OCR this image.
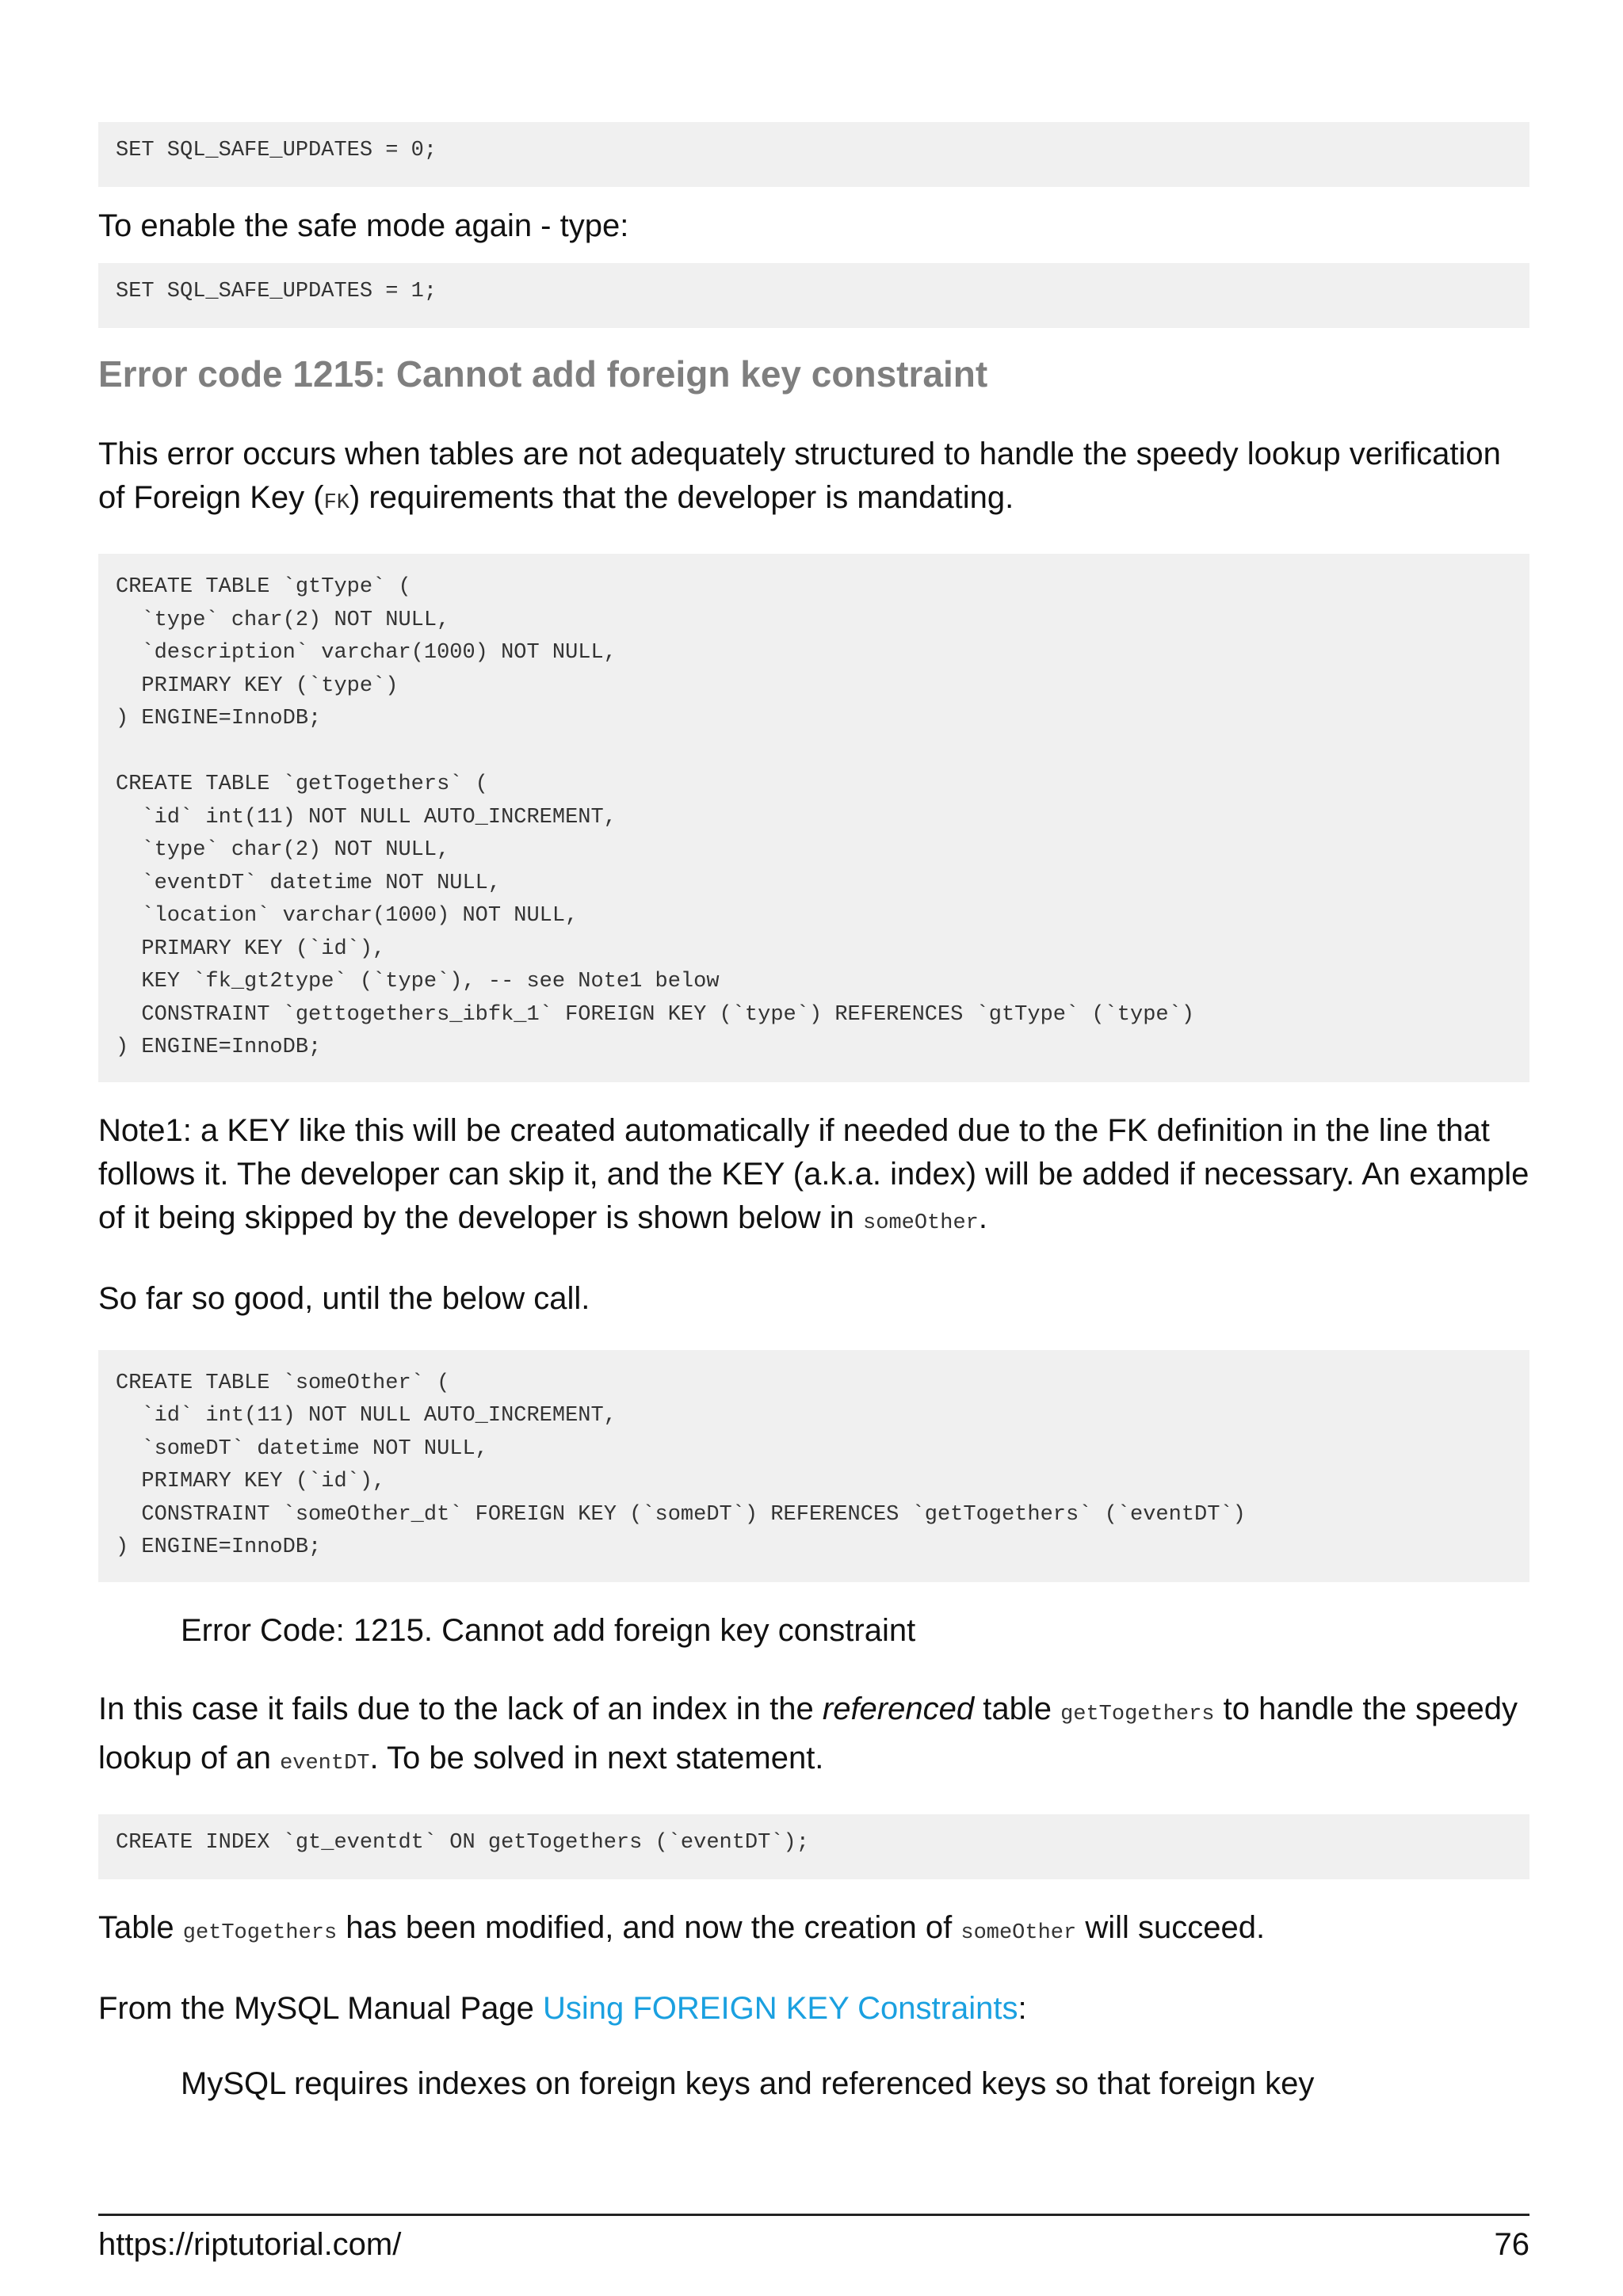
SET SQL_SAFE_UPDATES = 0;

To enable the safe mode again - type:

SET SQL_SAFE_UPDATES = 1;
Error code 1215: Cannot add foreign key constraint

This error occurs when tables are not adequately structured to handle the speedy lookup verification of Foreign Key (FK) requirements that the developer is mandating.

CREATE TABLE `gtType` (
`type` char(2) NOT NULL,
`description` varchar(1000) NOT NULL,
PRIMARY KEY (`type`)
) ENGINE=InnoDB;

CREATE TABLE `getTogethers` (
`id` int(11) NOT NULL AUTO_INCREMENT,
`type` char(2) NOT NULL,
`eventDT` datetime NOT NULL,
`location` varchar(1000) NOT NULL,
PRIMARY KEY (`id`),
KEY `fk_gt2type` (`type`), -- see Note1 below
CONSTRAINT `gettogethers_ibfk_1` FOREIGN KEY (`type`) REFERENCES `gtType` (`type`)
) ENGINE=InnoDB;

Note1: a KEY like this will be created automatically if needed due to the FK definition in the line that follows it. The developer can skip it, and the KEY (a.k.a. index) will be added if necessary. An example of it being skipped by the developer is shown below in someOther.

So far so good, until the below call.

CREATE TABLE `someOther` (
`id` int(11) NOT NULL AUTO_INCREMENT,
`someDT` datetime NOT NULL,
PRIMARY KEY (`id`),
CONSTRAINT `someOther_dt` FOREIGN KEY (`someDT`) REFERENCES `getTogethers` (`eventDT`)
) ENGINE=InnoDB;

Error Code: 1215. Cannot add foreign key constraint

In this case it fails due to the lack of an index in the referenced table getTogethers to handle the speedy lookup of an eventDT. To be solved in next statement.

CREATE INDEX `gt_eventdt` ON getTogethers (`eventDT`);

Table getTogethers has been modified, and now the creation of someOther will succeed.

From the MySQL Manual Page Using FOREIGN KEY Constraints:

MySQL requires indexes on foreign keys and referenced keys so that foreign key

https://riptutorial.com/	76
